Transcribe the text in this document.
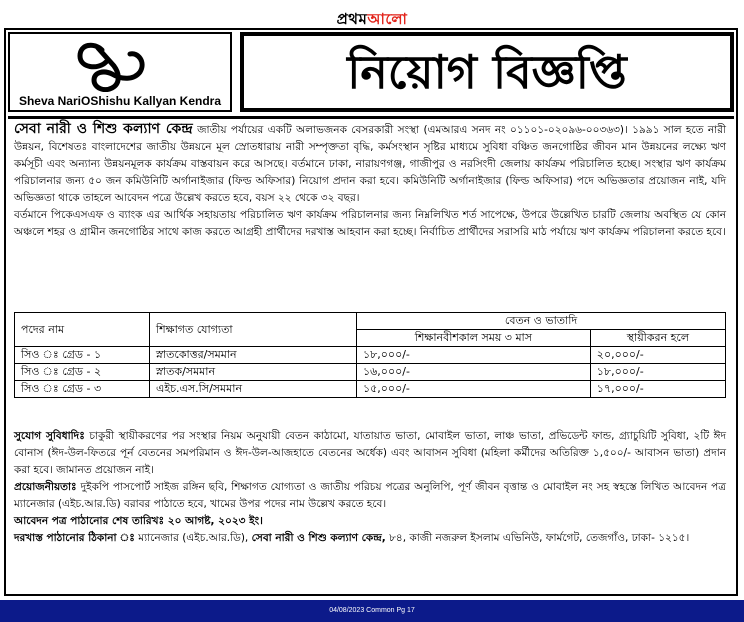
প্রথমআলো
Sheva NariOShishu Kallyan Kendra
নিয়োগ বিজ্ঞপ্তি

সেবা নারী ও শিশু কল্যাণ কেন্দ্র জাতীয় পর্যায়ের একটি অলাভজনক বেসরকারী সংস্থা (এমআরএ সনদ নং ০১১০১-০২০৯৬-০০৩৬৩)। ১৯৯১ সাল হতে নারী উন্নয়ন, বিশেষতঃ বাংলাদেশের জাতীয় উন্নয়নে মূল স্রোতধারায় নারী সম্পৃক্ততা বৃদ্ধি, কর্মসংস্থান সৃষ্টির মাধ্যমে সুবিধা বঞ্চিত জনগোষ্ঠির জীবন মান উন্নয়নের লক্ষ্যে ঋণ কর্মসূচী এবং অন্যান্য উন্নয়নমূলক কার্যক্রম বাস্তবায়ন করে আসছে। বর্তমানে ঢাকা, নারায়ণগঞ্জ, গাজীপুর ও নরসিংদী জেলায় কার্যক্রম পরিচালিত হচ্ছে। সংস্থার ঋণ কার্যক্রম পরিচালনার জন্য ৫০ জন কমিউনিটি অর্গানাইজার (ফিল্ড অফিসার) নিয়োগ প্রদান করা হবে। কমিউনিটি অর্গানাইজার (ফিল্ড অফিসার) পদে অভিজ্ঞতার প্রয়োজন নাই, যদি অভিজ্ঞতা থাকে তাহলে আবেদন পত্রে উল্লেখ করতে হবে, বয়স ২২ থেকে ৩২ বছর।

বর্তমানে পিকেএসএফ ও ব্যাংক এর আর্থিক সহায়তায় পরিচালিত ঋণ কার্যক্রম পরিচালনার জন্য নিম্নলিখিত শর্ত সাপেক্ষে, উপরে উল্লেখিত চারটি জেলায় অবস্থিত যে কোন অঞ্চলে শহর ও গ্রামীন জনগোষ্ঠির সাথে কাজ করতে আগ্রহী প্রার্থীদের দরখাস্ত আহবান করা হচ্ছে। নির্বাচিত প্রার্থীদের সরাসরি মাঠ পর্যায়ে ঋণ কার্যক্রম পরিচালনা করতে হবে।

পদের নাম	শিক্ষাগত যোগ্যতা	বেতন ও ভাতাদি	
		শিক্ষানবীশকাল সময় ৩ মাস	স্থায়ীকরন হলে
সিও ঃ গ্রেড - ১	স্নাতকোত্তর/সমমান	১৮,০০০/-	২০,০০০/-
সিও ঃ গ্রেড - ২	স্নাতক/সমমান	১৬,০০০/-	১৮,০০০/-
সিও ঃ গ্রেড - ৩	এইচ.এস.সি/সমমান	১৫,০০০/-	১৭,০০০/-

সুযোগ সুবিধাদিঃ চাকুরী স্থায়ীকরণের পর সংস্থার নিয়ম অনুযায়ী বেতন কাঠামো, যাতায়াত ভাতা, মোবাইল ভাতা, লাঞ্চ ভাতা, প্রভিডেন্ট ফান্ড, গ্র্যাচুয়িটি সুবিধা, ২টি ঈদ বোনাস (ঈদ-উল-ফিতরে পূর্ন বেতনের সমপরিমান ও ঈদ-উল-আজহাতে বেতনের অর্ধেক) এবং আবাসন সুবিধা (মহিলা কর্মীদের অতিরিক্ত ১,৫০০/- আবাসন ভাতা) প্রদান করা হবে। জামানত প্রয়োজন নাই।

প্রয়োজনীয়তাঃ দুইকপি পাসপোর্ট সাইজ রঙ্গিন ছবি, শিক্ষাগত যোগ্যতা ও জাতীয় পরিচয় পত্রের অনুলিপি, পূর্ণ জীবন বৃত্তান্ত ও মোবাইল নং সহ স্বহস্তে লিখিত আবেদন পত্র ম্যানেজার (এইচ.আর.ডি) বরাবর পাঠাতে হবে, খামের উপর পদের নাম উল্লেখ করতে হবে।

আবেদন পত্র পাঠানোর শেষ তারিখঃ ২০ আগষ্ট, ২০২৩ ইং।

দরখাস্ত পাঠানোর ঠিকানা ঃ ম্যানেজার (এইচ.আর.ডি), সেবা নারী ও শিশু কল্যাণ কেন্দ্র, ৮৪, কাজী নজরুল ইসলাম এভিনিউ, ফার্মগেট, তেজগাঁও, ঢাকা- ১২১৫।

04/08/2023 Common Pg 17
